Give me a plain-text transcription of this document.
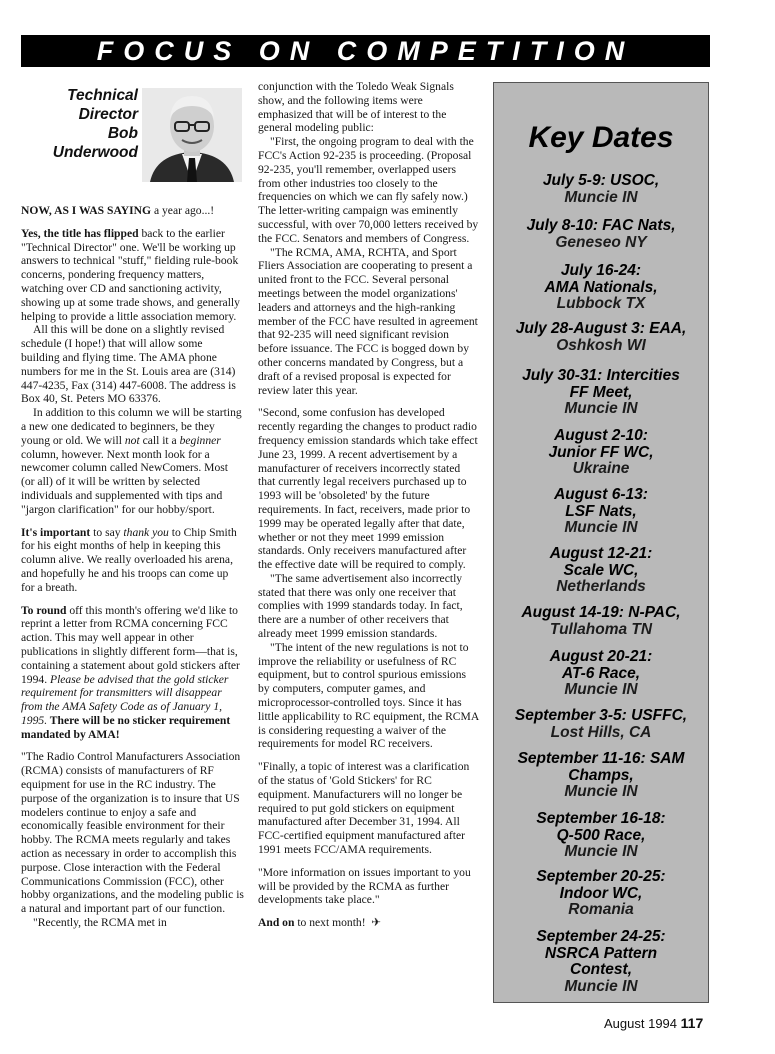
FOCUS ON COMPETITION
Technical
Director
Bob
Underwood

NOW, AS I WAS SAYING a year ago...!

Yes, the title has flipped back to the earlier "Technical Director" one. We'll be working up answers to technical "stuff," fielding rule-book concerns, pondering frequency matters, watching over CD and sanctioning activity, showing up at some trade shows, and generally helping to provide a little association memory.

All this will be done on a slightly revised schedule (I hope!) that will allow some building and flying time. The AMA phone numbers for me in the St. Louis area are (314) 447-4235, Fax (314) 447-6008. The address is Box 40, St. Peters MO 63376.

In addition to this column we will be starting a new one dedicated to beginners, be they young or old. We will not call it a beginner column, however. Next month look for a newcomer column called NewComers. Most (or all) of it will be written by selected individuals and supplemented with tips and "jargon clarification" for our hobby/sport.

It's important to say thank you to Chip Smith for his eight months of help in keeping this column alive. We really overloaded his arena, and hopefully he and his troops can come up for a breath.

To round off this month's offering we'd like to reprint a letter from RCMA concerning FCC action. This may well appear in other publications in slightly different form—that is, containing a statement about gold stickers after 1994. Please be advised that the gold sticker requirement for transmitters will disappear from the AMA Safety Code as of January 1, 1995. There will be no sticker requirement mandated by AMA!

"The Radio Control Manufacturers Association (RCMA) consists of manufacturers of RF equipment for use in the RC industry. The purpose of the organization is to insure that US modelers continue to enjoy a safe and economically feasible environment for their hobby. The RCMA meets regularly and takes action as necessary in order to accomplish this purpose. Close interaction with the Federal Communications Commission (FCC), other hobby organizations, and the modeling public is a natural and important part of our function.

"Recently, the RCMA met in

conjunction with the Toledo Weak Signals show, and the following items were emphasized that will be of interest to the general modeling public:

"First, the ongoing program to deal with the FCC's Action 92-235 is proceeding. (Proposal 92-235, you'll remember, overlapped users from other industries too closely to the frequencies on which we can fly safely now.) The letter-writing campaign was eminently successful, with over 70,000 letters received by the FCC. Senators and members of Congress.

"The RCMA, AMA, RCHTA, and Sport Fliers Association are cooperating to present a united front to the FCC. Several personal meetings between the model organizations' leaders and attorneys and the high-ranking member of the FCC have resulted in agreement that 92-235 will need significant revision before issuance. The FCC is bogged down by other concerns mandated by Congress, but a draft of a revised proposal is expected for review later this year.

"Second, some confusion has developed recently regarding the changes to product radio frequency emission standards which take effect June 23, 1999. A recent advertisement by a manufacturer of receivers incorrectly stated that currently legal receivers purchased up to 1993 will be 'obsoleted' by the future requirements. In fact, receivers, made prior to 1999 may be operated legally after that date, whether or not they meet 1999 emission standards. Only receivers manufactured after the effective date will be required to comply.

"The same advertisement also incorrectly stated that there was only one receiver that complies with 1999 standards today. In fact, there are a number of other receivers that already meet 1999 emission standards.

"The intent of the new regulations is not to improve the reliability or usefulness of RC equipment, but to control spurious emissions by computers, computer games, and microprocessor-controlled toys. Since it has little applicability to RC equipment, the RCMA is considering requesting a waiver of the requirements for model RC receivers.

"Finally, a topic of interest was a clarification of the status of 'Gold Stickers' for RC equipment. Manufacturers will no longer be required to put gold stickers on equipment manufactured after December 31, 1994. All FCC-certified equipment manufactured after 1991 meets FCC/AMA requirements.

"More information on issues important to you will be provided by the RCMA as further developments take place."

And on to next month! ✈

Key Dates
July 5-9: USOC,
Muncie IN
July 8-10: FAC Nats,
Geneseo NY
July 16-24:
AMA Nationals,
Lubbock TX
July 28-August 3: EAA,
Oshkosh WI
July 30-31: Intercities
FF Meet,
Muncie IN
August 2-10:
Junior FF WC,
Ukraine
August 6-13:
LSF Nats,
Muncie IN
August 12-21:
Scale WC,
Netherlands
August 14-19: N-PAC,
Tullahoma TN
August 20-21:
AT-6 Race,
Muncie IN
September 3-5: USFFC,
Lost Hills, CA
September 11-16: SAM
Champs,
Muncie IN
September 16-18:
Q-500 Race,
Muncie IN
September 20-25:
Indoor WC,
Romania
September 24-25:
NSRCA Pattern
Contest,
Muncie IN
August 1994 117
